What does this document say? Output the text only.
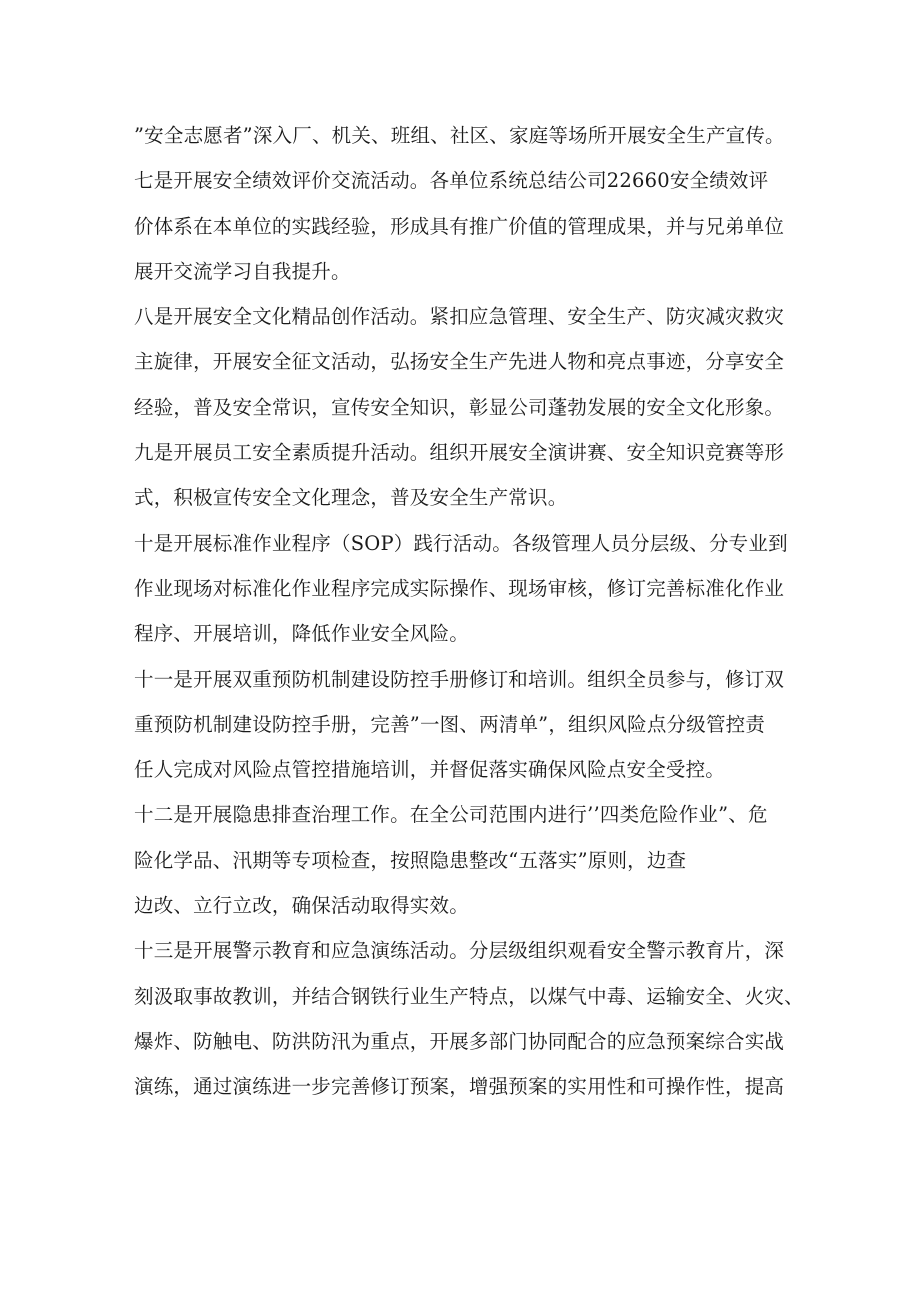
”安全志愿者”深入厂、机关、班组、社区、家庭等场所开展安全生产宣传。
七是开展安全绩效评价交流活动。各单位系统总结公司22660安全绩效评
价体系在本单位的实践经验，形成具有推广价值的管理成果，并与兄弟单位
展开交流学习自我提升。
八是开展安全文化精品创作活动。紧扣应急管理、安全生产、防灾减灾救灾
主旋律，开展安全征文活动，弘扬安全生产先进人物和亮点事迹，分享安全
经验，普及安全常识，宣传安全知识，彰显公司蓬勃发展的安全文化形象。
九是开展员工安全素质提升活动。组织开展安全演讲赛、安全知识竞赛等形
式，积极宣传安全文化理念，普及安全生产常识。
十是开展标准作业程序（SOP）践行活动。各级管理人员分层级、分专业到
作业现场对标准化作业程序完成实际操作、现场审核，修订完善标准化作业
程序、开展培训，降低作业安全风险。
十一是开展双重预防机制建设防控手册修订和培训。组织全员参与，修订双
重预防机制建设防控手册，完善”一图、两清单”，组织风险点分级管控责
任人完成对风险点管控措施培训，并督促落实确保风险点安全受控。
十二是开展隐患排查治理工作。在全公司范围内进行’’四类危险作业”、危
险化学品、汛期等专项检查，按照隐患整改“五落实”原则，边查
边改、立行立改，确保活动取得实效。
十三是开展警示教育和应急演练活动。分层级组织观看安全警示教育片，深
刻汲取事故教训，并结合钢铁行业生产特点，以煤气中毒、运输安全、火灾、
爆炸、防触电、防洪防汛为重点，开展多部门协同配合的应急预案综合实战
演练，通过演练进一步完善修订预案，增强预案的实用性和可操作性，提高
